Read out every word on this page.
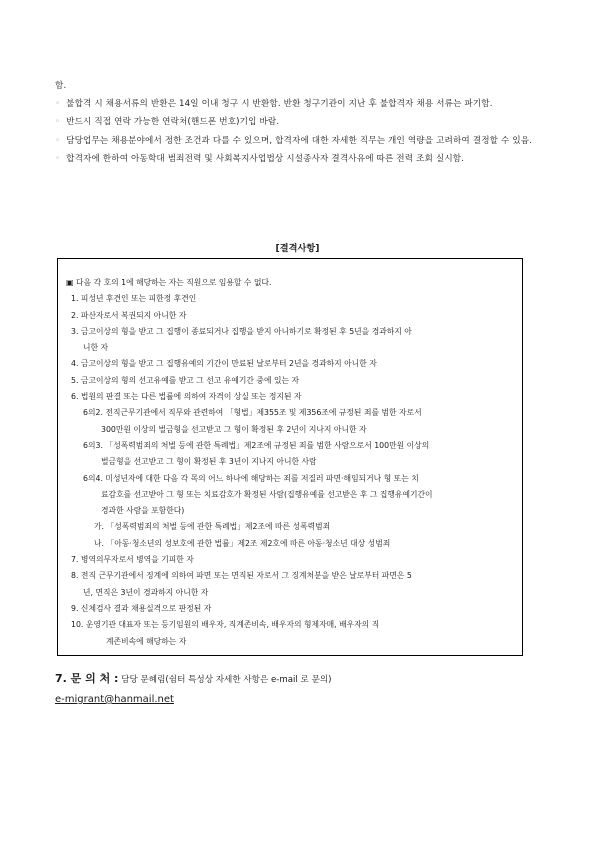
함.

◦ 불합격 시 채용서류의 반환은 14일 이내 청구 시 반환함. 반환 청구기관이 지난 후 불합격자 채용 서류는 파기함.

◦ 반드시 직접 연락 가능한 연락처(핸드폰 번호)기입 바람.

◦ 담당업무는 채용분야에서 정한 조건과 다를 수 있으며, 합격자에 대한 자세한 직무는 개인 역량을 고려하여 결정할 수 있음.

◦ 합격자에 한하여 아동학대 범죄전력 및 사회복지사업법상 시설종사자 결격사유에 따른 전력 조회 실시함.

[결격사항]

▣ 다음 각 호의 1에 해당하는 자는 직원으로 임용할 수 없다.

1. 피성년 후견인 또는 피한정 후견인

2. 파산자로서 복권되지 아니한 자

3. 금고이상의 형을 받고 그 집행이 종료되거나 집행을 받지 아니하기로 확정된 후 5년을 경과하지 아

니한 자

4. 금고이상의 형을 받고 그 집행유예의 기간이 만료된 날로부터 2년을 경과하지 아니한 자

5. 금고이상의 형의 선고유예를 받고 그 선고 유예기간 중에 있는 자

6. 법원의 판결 또는 다른 법률에 의하여 자격이 상실 또는 정지된 자

6의2. 전직근무기관에서 직무와 관련하여 「형법」제355조 및 제356조에 규정된 죄를 범한 자로서

300만원 이상의 벌금형을 선고받고 그 형이 확정된 후 2년이 지나지 아니한 자

6의3. 「성폭력범죄의 처벌 등에 관한 특례법」제2조에 규정된 죄를 범한 사람으로서 100만원 이상의

벌금형을 선고받고 그 형이 확정된 후 3년이 지나지 아니한 사람

6의4. 미성년자에 대한 다음 각 목의 어느 하나에 해당하는 죄를 저질러 파면·해임되거나 형 또는 치

료감호를 선고받아 그 형 또는 치료감호가 확정된 사람(집행유예를 선고받은 후 그 집행유예기간이

경과한 사람을 포함한다)

가. 「성폭력범죄의 처벌 등에 관한 특례법」제2조에 따른 성폭력범죄

나. 「아동·청소년의 성보호에 관한 법률」제2조 제2호에 따른 아동·청소년 대상 성범죄

7. 병역의무자로서 병역을 기피한 자

8. 전직 근무기관에서 징계에 의하여 파면 또는 면직된 자로서 그 징계처분을 받은 날로부터 파면은 5

년, 면직은 3년이 경과하지 아니한 자

9. 신체검사 결과 채용실격으로 판정된 자

10. 운영기관 대표자 또는 등기임원의 배우자, 직계존비속, 배우자의 형제자매, 배우자의 직

계존비속에 해당하는 자

7. 문 의 처 : 담당 문혜림(쉼터 특성상 자세한 사항은 e-mail 로 문의)
e-migrant@hanmail.net
